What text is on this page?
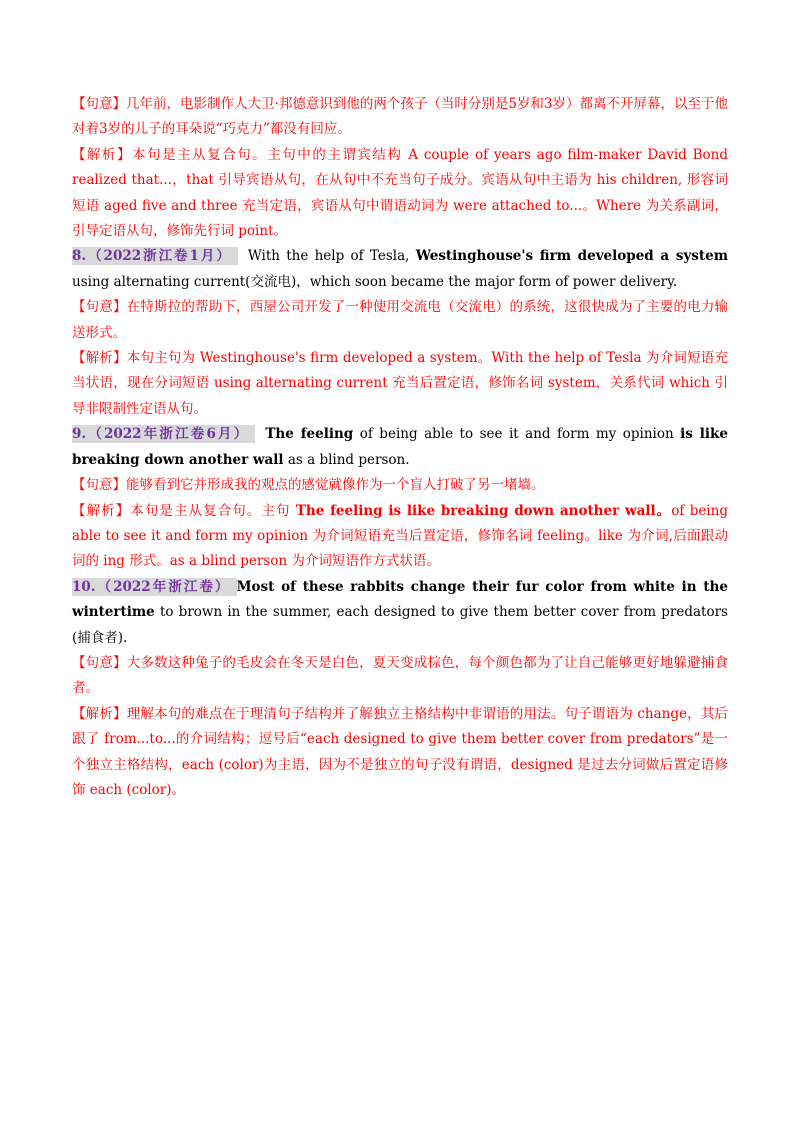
【句意】几年前，电影制作人大卫·邦德意识到他的两个孩子（当时分别是5岁和3岁）都离不开屏幕，以至于他对着3岁的儿子的耳朵说“巧克力”都没有回应。

【解析】本句是主从复合句。主句中的主谓宾结构 A couple of years ago film-maker David Bond realized that...，that 引导宾语从句，在从句中不充当句子成分。宾语从句中主语为 his children, 形容词短语 aged five and three 充当定语，宾语从句中谓语动词为 were attached to...。Where 为关系副词，引导定语从句，修饰先行词 point。

8.（2022浙江卷1月） With the help of Tesla, Westinghouse's firm developed a system using alternating current(交流电)，which soon became the major form of power delivery.

【句意】在特斯拉的帮助下，西屋公司开发了一种使用交流电（交流电）的系统，这很快成为了主要的电力输送形式。

【解析】本句主句为 Westinghouse's firm developed a system。With the help of Tesla 为介词短语充当状语，现在分词短语 using alternating current 充当后置定语，修饰名词 system，关系代词 which 引导非限制性定语从句。

9.（2022年浙江卷6月） The feeling of being able to see it and form my opinion is like breaking down another wall as a blind person.

【句意】能够看到它并形成我的观点的感觉就像作为一个盲人打破了另一堵墙。

【解析】本句是主从复合句。主句 The feeling is like breaking down another wall。of being able to see it and form my opinion 为介词短语充当后置定语，修饰名词 feeling。like 为介词,后面跟动词的 ing 形式。as a blind person 为介词短语作方式状语。

10.（2022年浙江卷） Most of these rabbits change their fur color from white in the wintertime to brown in the summer, each designed to give them better cover from predators (捕食者).

【句意】大多数这种兔子的毛皮会在冬天是白色，夏天变成棕色，每个颜色都为了让自己能够更好地躲避捕食者。

【解析】理解本句的难点在于理清句子结构并了解独立主格结构中非谓语的用法。句子谓语为 change，其后跟了 from...to...的介词结构；逗号后“each designed to give them better cover from predators”是一个独立主格结构，each (color)为主语，因为不是独立的句子没有谓语，designed 是过去分词做后置定语修饰 each (color)。
